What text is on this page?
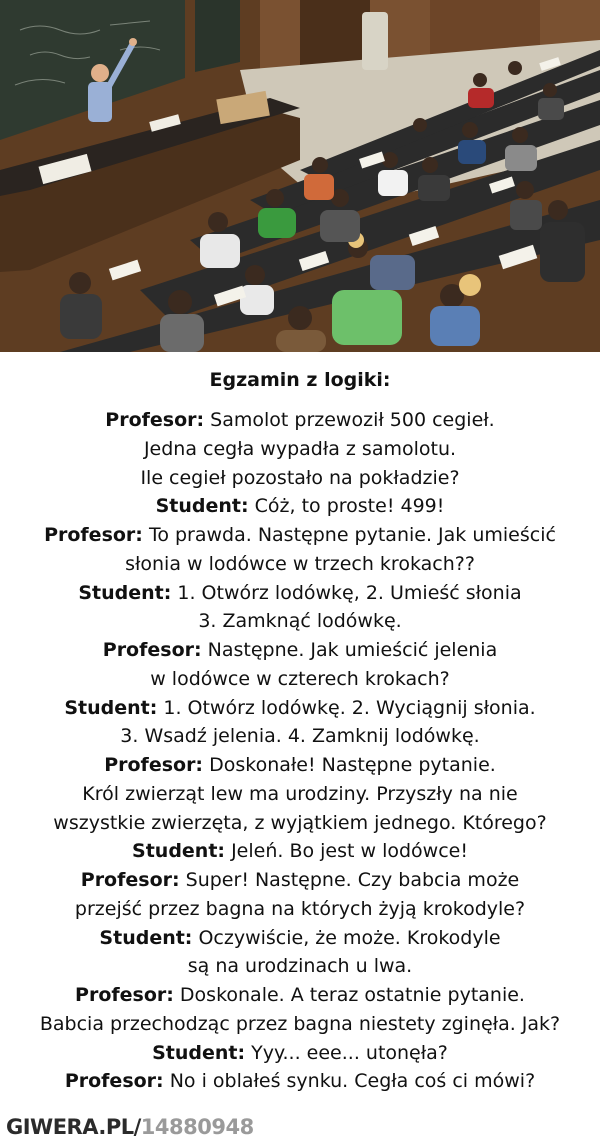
Egzamin z logiki:
Profesor: Samolot przewoził 500 cegieł.
Jedna cegła wypadła z samolotu.
Ile cegieł pozostało na pokładzie?
Student: Cóż, to proste! 499!
Profesor: To prawda. Następne pytanie. Jak umieścić
słonia w lodówce w trzech krokach??
Student: 1. Otwórz lodówkę, 2. Umieść słonia
3. Zamknąć lodówkę.
Profesor: Następne. Jak umieścić jelenia
w lodówce w czterech krokach?
Student: 1. Otwórz lodówkę. 2. Wyciągnij słonia.
3. Wsadź jelenia. 4. Zamknij lodówkę.
Profesor: Doskonałe! Następne pytanie.
Król zwierząt lew ma urodziny. Przyszły na nie
wszystkie zwierzęta, z wyjątkiem jednego. Którego?
Student: Jeleń. Bo jest w lodówce!
Profesor: Super! Następne. Czy babcia może
przejść przez bagna na których żyją krokodyle?
Student: Oczywiście, że może. Krokodyle
są na urodzinach u lwa.
Profesor: Doskonale. A teraz ostatnie pytanie.
Babcia przechodząc przez bagna niestety zginęła. Jak?
Student: Yyy... eee... utonęła?
Profesor: No i oblałeś synku. Cegła coś ci mówi?
GIWERA.PL/14880948
